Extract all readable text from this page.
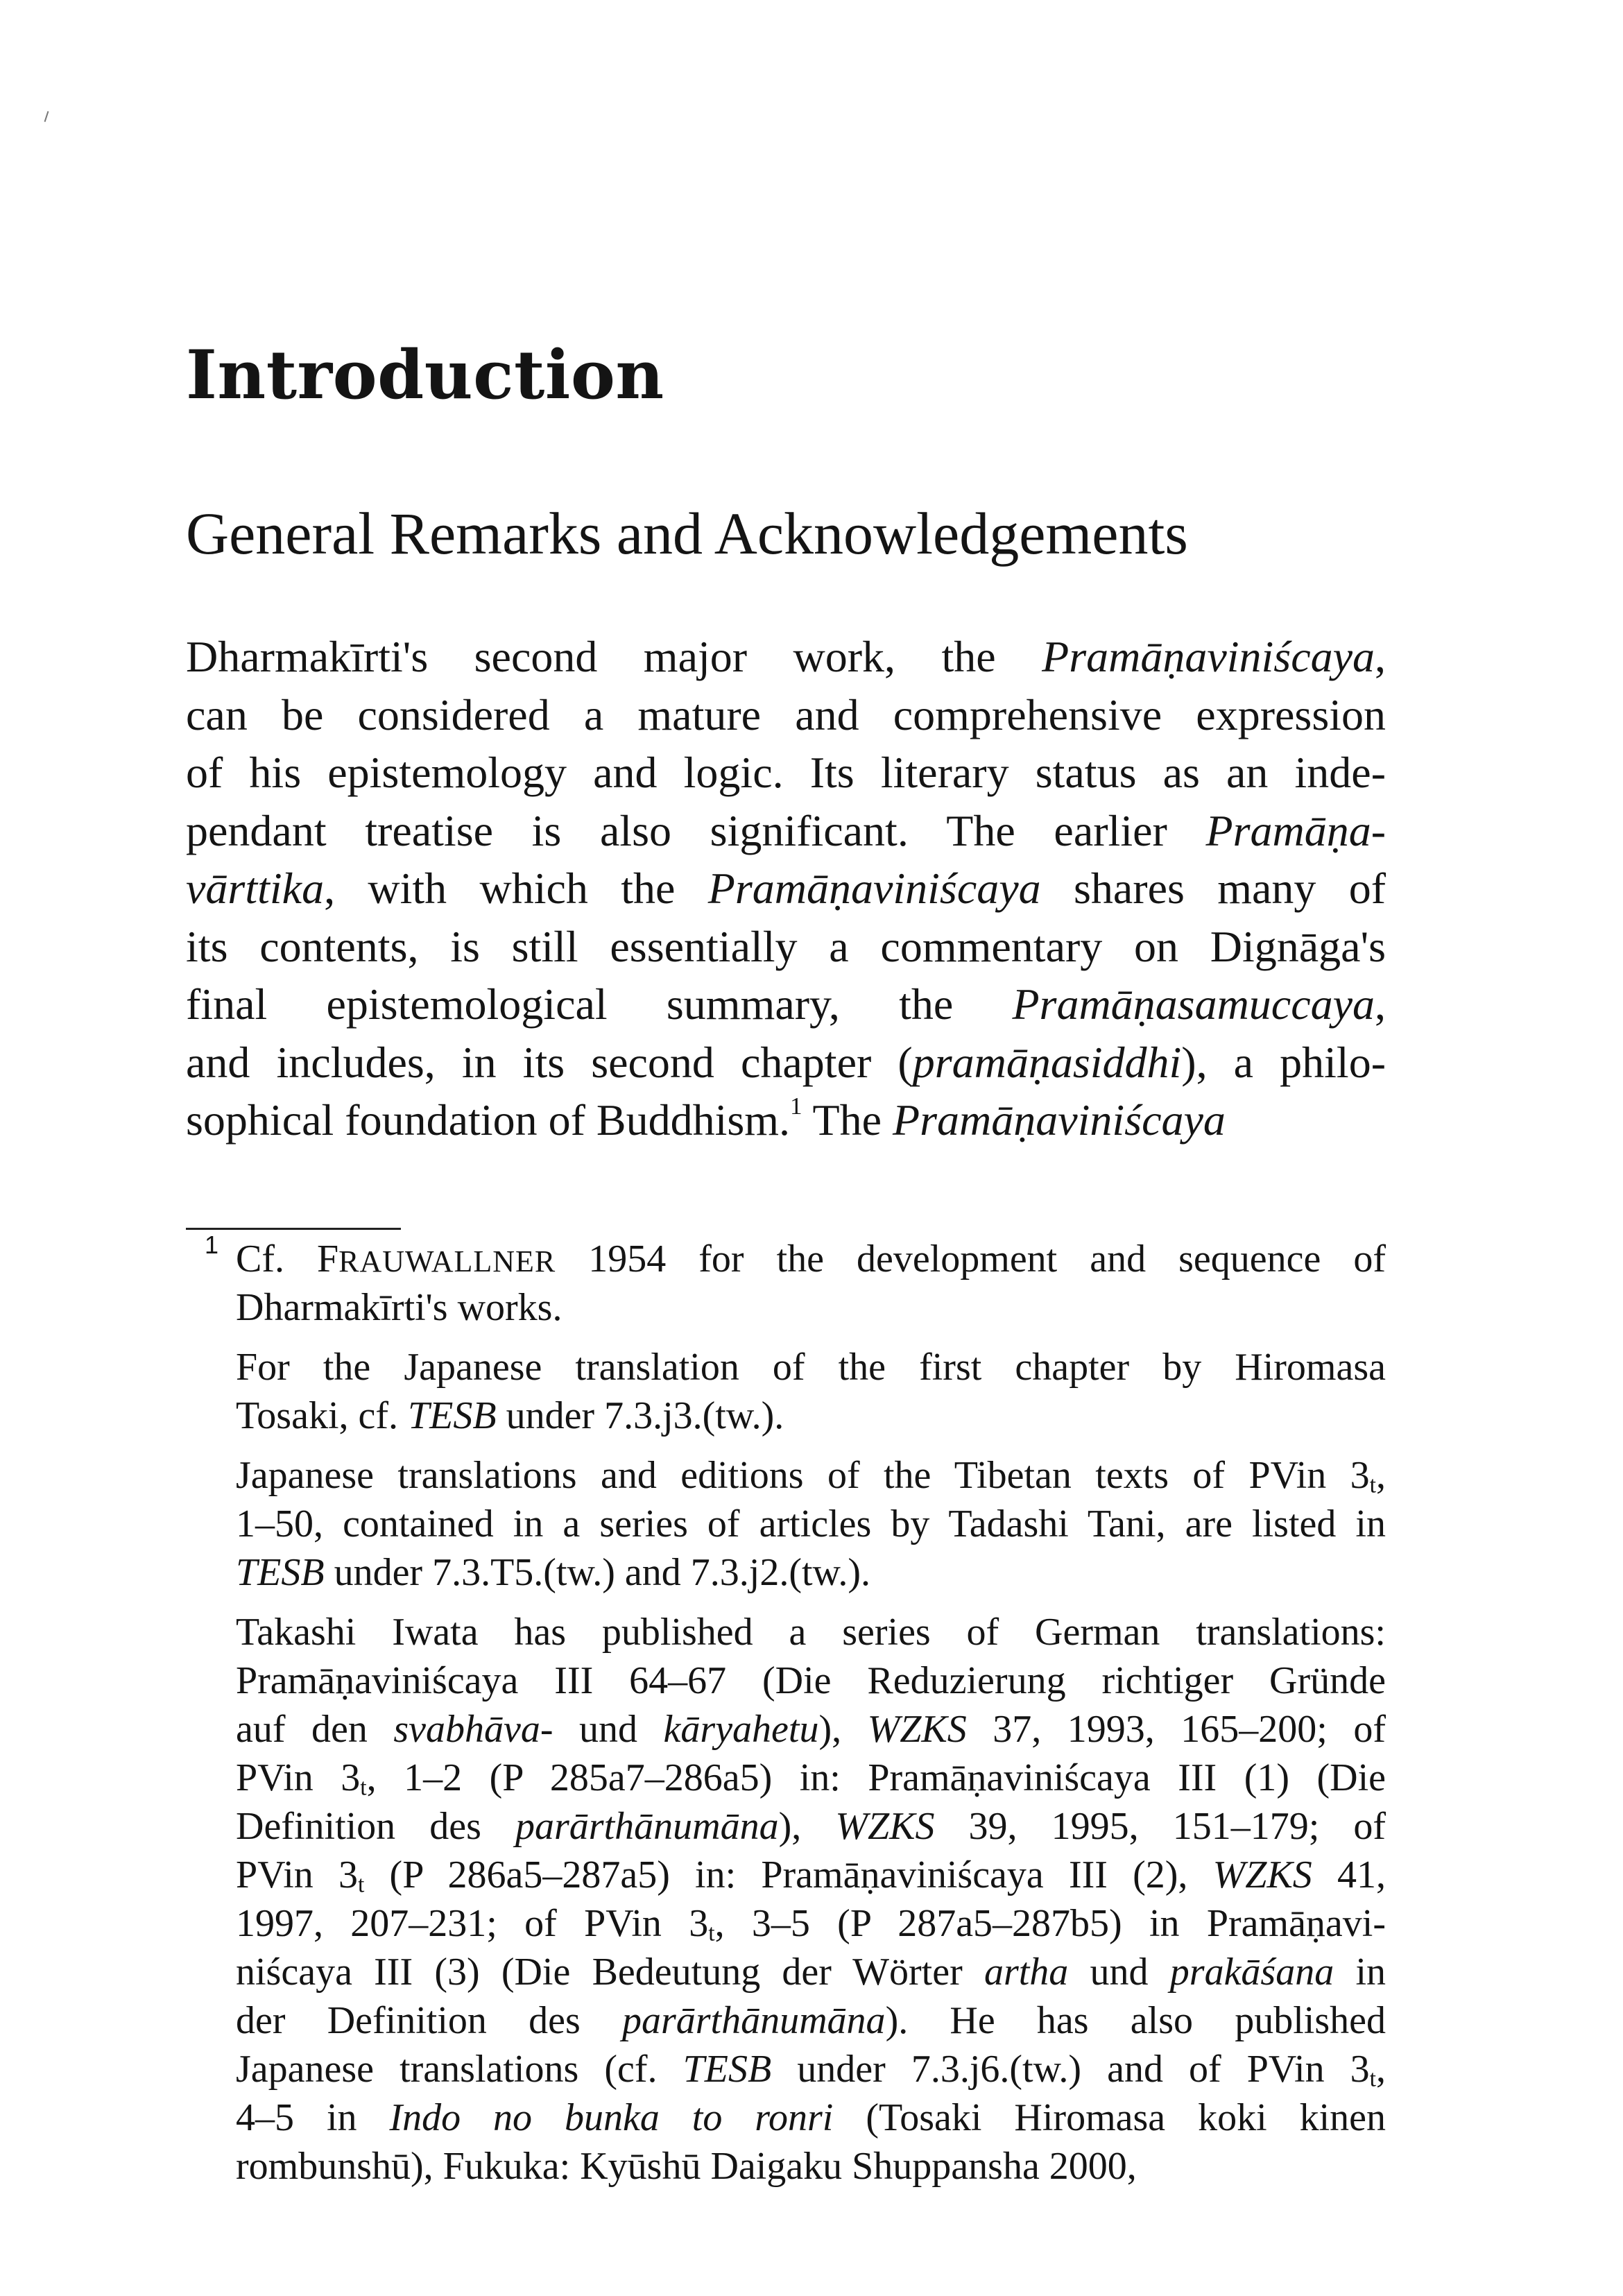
Introduction
General Remarks and Acknowledgements
Dharmakīrti's second major work, the Pramāṇaviniścaya,
can be considered a mature and comprehensive expression
of his epistemology and logic. Its literary status as an inde-
pendant treatise is also significant. The earlier Pramāṇa-
vārttika, with which the Pramāṇaviniścaya shares many of
its contents, is still essentially a commentary on Dignāga's
final epistemological summary, the Pramāṇasamuccaya,
and includes, in its second chapter (pramāṇasiddhi), a philo-
sophical foundation of Buddhism.$^1$ The Pramāṇaviniścaya
1 Cf. FRAUWALLNER 1954 for the development and sequence of
Dharmakīrti's works.
For the Japanese translation of the first chapter by Hiromasa
Tosaki, cf. TESB under 7.3.j3.(tw.).
Japanese translations and editions of the Tibetan texts of PVin $3_t$,
1–50, contained in a series of articles by Tadashi Tani, are listed in
TESB under 7.3.T5.(tw.) and 7.3.j2.(tw.).
Takashi Iwata has published a series of German translations:
Pramāṇaviniścaya III 64–67 (Die Reduzierung richtiger Gründe
auf den svabhāva- und kāryahetu), WZKS 37, 1993, 165–200; of
PVin $3_t$, 1–2 (P 285a7–286a5) in: Pramāṇaviniścaya III (1) (Die
Definition des parārthānumāna), WZKS 39, 1995, 151–179; of
PVin $3_t$ (P 286a5–287a5) in: Pramāṇaviniścaya III (2), WZKS 41,
1997, 207–231; of PVin $3_t$, 3–5 (P 287a5–287b5) in Pramāṇavi-
niścaya III (3) (Die Bedeutung der Wörter artha und prakāśana in
der Definition des parārthānumāna). He has also published
Japanese translations (cf. TESB under 7.3.j6.(tw.) and of PVin $3_t$,
4–5 in Indo no bunka to ronri (Tosaki Hiromasa koki kinen
rombunshū), Fukuka: Kyūshū Daigaku Shuppansha 2000,
